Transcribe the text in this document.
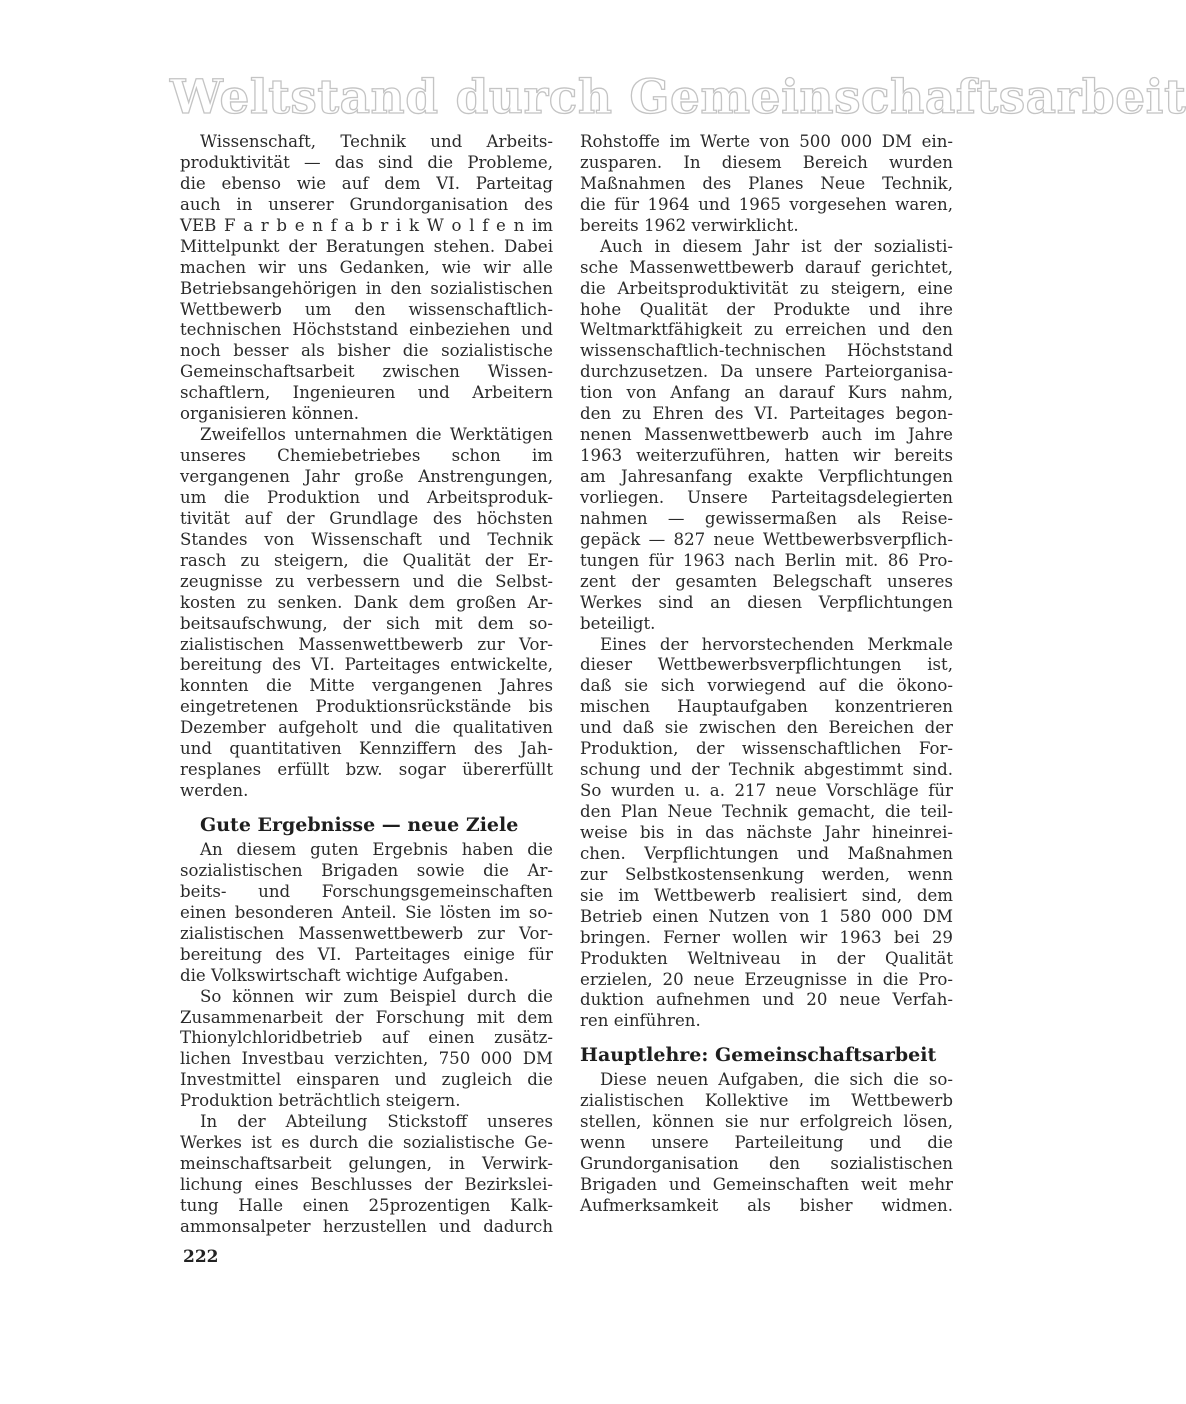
Weltstand durch Gemeinschaftsarbeit
Wissenschaft, Technik und Arbeits-
produktivität — das sind die Probleme,
die ebenso wie auf dem VI. Parteitag
auch in unserer Grundorganisation des
VEB F a r b e n f a b r i k W o l f e n im
Mittelpunkt der Beratungen stehen. Dabei
machen wir uns Gedanken, wie wir alle
Betriebsangehörigen in den sozialistischen
Wettbewerb um den wissenschaftlich-
technischen Höchststand einbeziehen und
noch besser als bisher die sozialistische
Gemeinschaftsarbeit zwischen Wissen-
schaftlern, Ingenieuren und Arbeitern
organisieren können.
Zweifellos unternahmen die Werktätigen
unseres Chemiebetriebes schon im
vergangenen Jahr große Anstrengungen,
um die Produktion und Arbeitsproduk-
tivität auf der Grundlage des höchsten
Standes von Wissenschaft und Technik
rasch zu steigern, die Qualität der Er-
zeugnisse zu verbessern und die Selbst-
kosten zu senken. Dank dem großen Ar-
beitsaufschwung, der sich mit dem so-
zialistischen Massenwettbewerb zur Vor-
bereitung des VI. Parteitages entwickelte,
konnten die Mitte vergangenen Jahres
eingetretenen Produktionsrückstände bis
Dezember aufgeholt und die qualitativen
und quantitativen Kennziffern des Jah-
resplanes erfüllt bzw. sogar übererfüllt
werden.
Gute Ergebnisse — neue Ziele
An diesem guten Ergebnis haben die
sozialistischen Brigaden sowie die Ar-
beits- und Forschungsgemeinschaften
einen besonderen Anteil. Sie lösten im so-
zialistischen Massenwettbewerb zur Vor-
bereitung des VI. Parteitages einige für
die Volkswirtschaft wichtige Aufgaben.
So können wir zum Beispiel durch die
Zusammenarbeit der Forschung mit dem
Thionylchloridbetrieb auf einen zusätz-
lichen Investbau verzichten, 750 000 DM
Investmittel einsparen und zugleich die
Produktion beträchtlich steigern.
In der Abteilung Stickstoff unseres
Werkes ist es durch die sozialistische Ge-
meinschaftsarbeit gelungen, in Verwirk-
lichung eines Beschlusses der Bezirkslei-
tung Halle einen 25prozentigen Kalk-
ammonsalpeter herzustellen und dadurch
Rohstoffe im Werte von 500 000 DM ein-
zusparen. In diesem Bereich wurden
Maßnahmen des Planes Neue Technik,
die für 1964 und 1965 vorgesehen waren,
bereits 1962 verwirklicht.
Auch in diesem Jahr ist der sozialisti-
sche Massenwettbewerb darauf gerichtet,
die Arbeitsproduktivität zu steigern, eine
hohe Qualität der Produkte und ihre
Weltmarktfähigkeit zu erreichen und den
wissenschaftlich-technischen Höchststand
durchzusetzen. Da unsere Parteiorganisa-
tion von Anfang an darauf Kurs nahm,
den zu Ehren des VI. Parteitages begon-
nenen Massenwettbewerb auch im Jahre
1963 weiterzuführen, hatten wir bereits
am Jahresanfang exakte Verpflichtungen
vorliegen. Unsere Parteitagsdelegierten
nahmen — gewissermaßen als Reise-
gepäck — 827 neue Wettbewerbsverpflich-
tungen für 1963 nach Berlin mit. 86 Pro-
zent der gesamten Belegschaft unseres
Werkes sind an diesen Verpflichtungen
beteiligt.
Eines der hervorstechenden Merkmale
dieser Wettbewerbsverpflichtungen ist,
daß sie sich vorwiegend auf die ökono-
mischen Hauptaufgaben konzentrieren
und daß sie zwischen den Bereichen der
Produktion, der wissenschaftlichen For-
schung und der Technik abgestimmt sind.
So wurden u. a. 217 neue Vorschläge für
den Plan Neue Technik gemacht, die teil-
weise bis in das nächste Jahr hineinrei-
chen. Verpflichtungen und Maßnahmen
zur Selbstkostensenkung werden, wenn
sie im Wettbewerb realisiert sind, dem
Betrieb einen Nutzen von 1 580 000 DM
bringen. Ferner wollen wir 1963 bei 29
Produkten Weltniveau in der Qualität
erzielen, 20 neue Erzeugnisse in die Pro-
duktion aufnehmen und 20 neue Verfah-
ren einführen.
Hauptlehre: Gemeinschaftsarbeit
Diese neuen Aufgaben, die sich die so-
zialistischen Kollektive im Wettbewerb
stellen, können sie nur erfolgreich lösen,
wenn unsere Parteileitung und die
Grundorganisation den sozialistischen
Brigaden und Gemeinschaften weit mehr
Aufmerksamkeit als bisher widmen.
222
